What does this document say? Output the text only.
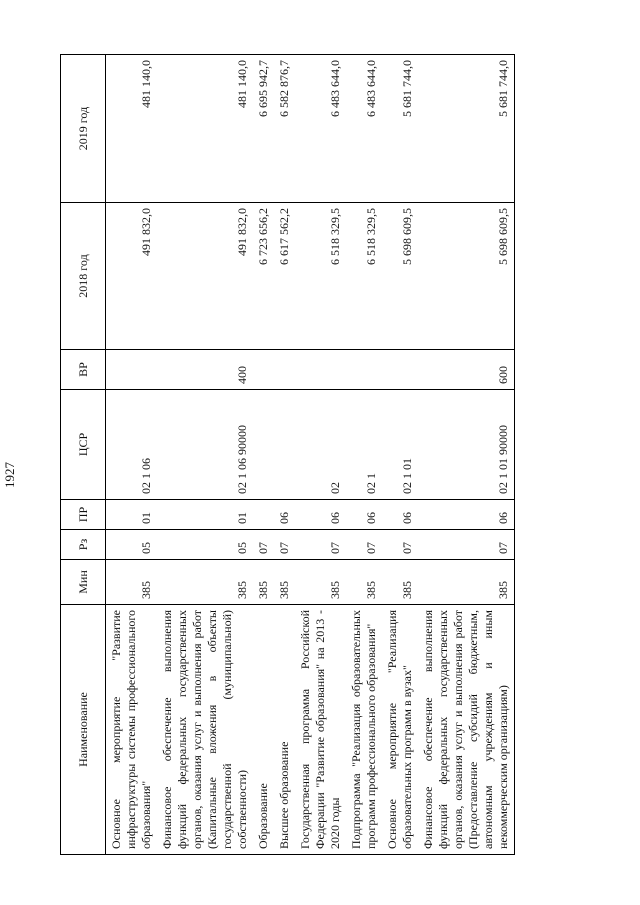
1927
Наименование	Мин	Рз	ПР	ЦСР	ВР	2018 год	2019 год
Основное мероприятие "Развитие инфраструктуры системы профессионального образования"	385	05	01	02 1 06		491 832,0	481 140,0
Финансовое обеспечение выполнения функций федеральных государственных органов, оказания услуг и выполнения работ (Капитальные вложения в объекты государственной (муниципальной) собственности)	385	05	01	02 1 06 90000	400	491 832,0	481 140,0
Образование	385	07				6 723 656,2	6 695 942,7
Высшее образование	385	07	06			6 617 562,2	6 582 876,7
Государственная программа Российской Федерации "Развитие образования" на 2013 - 2020 годы	385	07	06	02		6 518 329,5	6 483 644,0
Подпрограмма "Реализация образовательных программ профессионального образования"	385	07	06	02 1		6 518 329,5	6 483 644,0
Основное мероприятие "Реализация образовательных программ в вузах"	385	07	06	02 1 01		5 698 609,5	5 681 744,0
Финансовое обеспечение выполнения функций федеральных государственных органов, оказания услуг и выполнения работ (Предоставление субсидий бюджетным, автономным учреждениям и иным некоммерческим организациям)	385	07	06	02 1 01 90000	600	5 698 609,5	5 681 744,0
